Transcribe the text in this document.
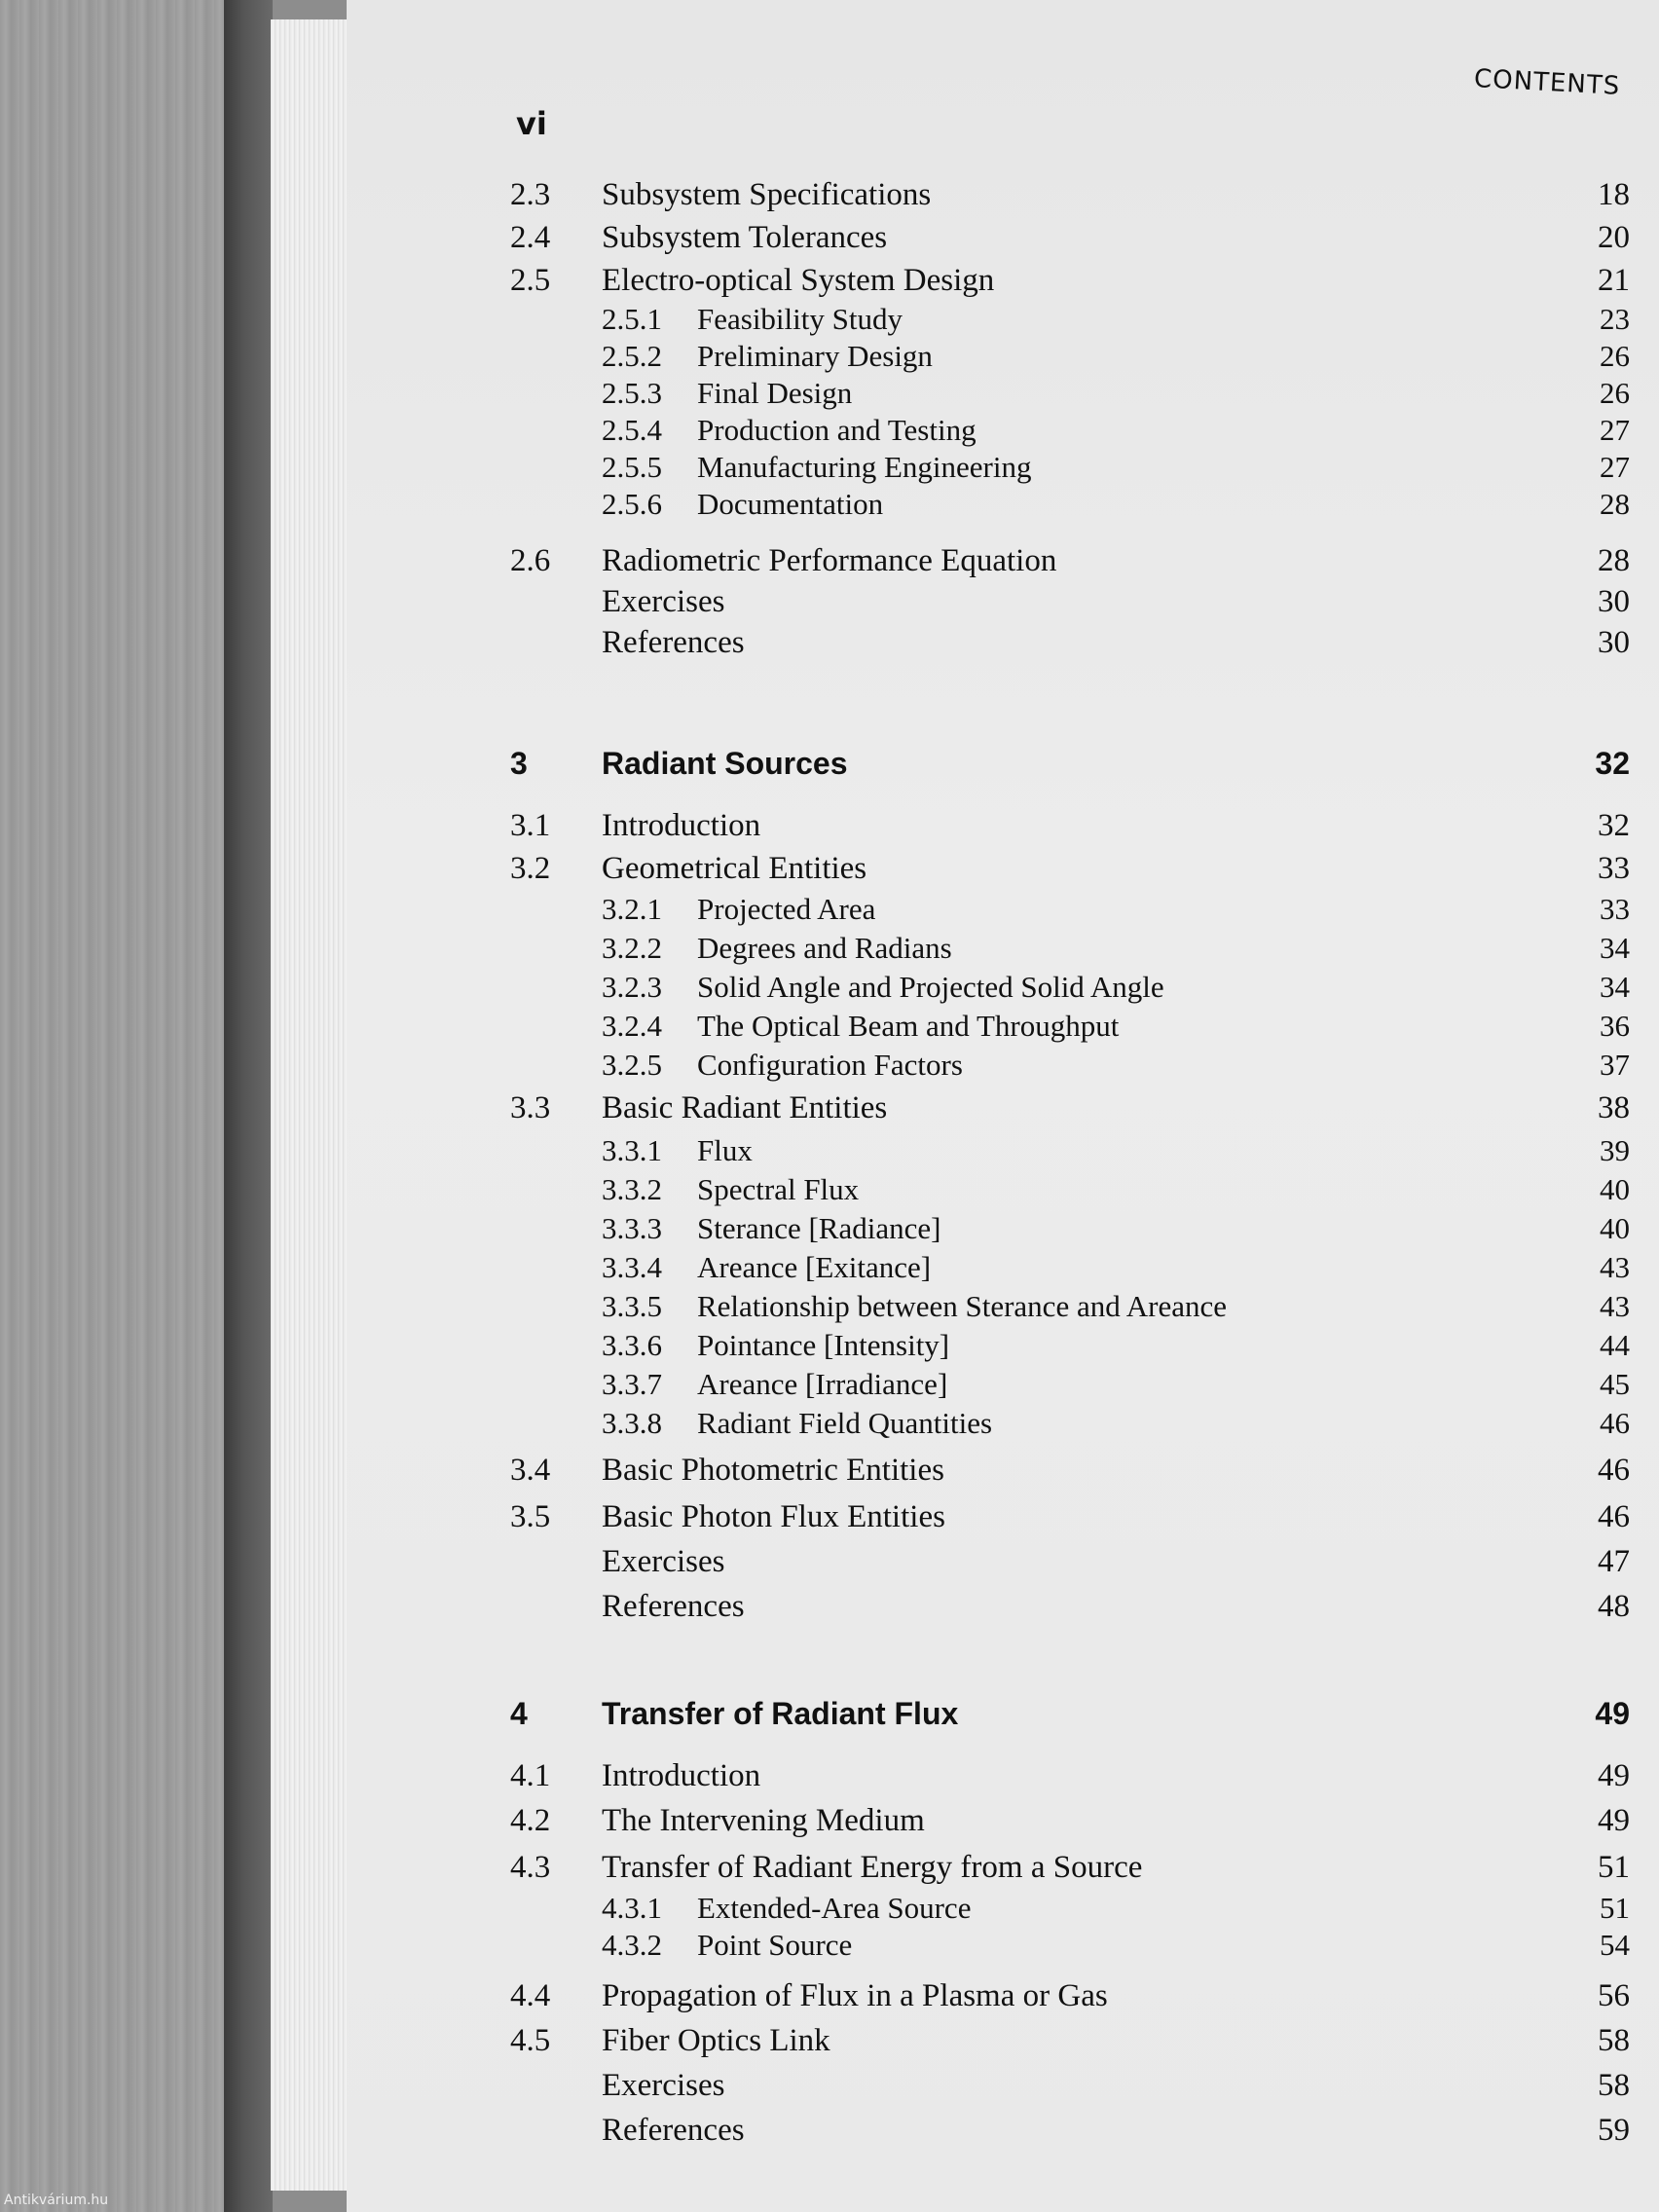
Antikvárium.hu
vi
CONTENTS
2.3 Subsystem Specifications	18
2.4 Subsystem Tolerances	20
2.5 Electro-optical System Design	21
2.5.1 Feasibility Study	23
2.5.2 Preliminary Design	26
2.5.3 Final Design	26
2.5.4 Production and Testing	27
2.5.5 Manufacturing Engineering	27
2.5.6 Documentation	28
2.6 Radiometric Performance Equation	28
Exercises	30
References	30
3 Radiant Sources	32
3.1 Introduction	32
3.2 Geometrical Entities	33
3.2.1 Projected Area	33
3.2.2 Degrees and Radians	34
3.2.3 Solid Angle and Projected Solid Angle	34
3.2.4 The Optical Beam and Throughput	36
3.2.5 Configuration Factors	37
3.3 Basic Radiant Entities	38
3.3.1 Flux	39
3.3.2 Spectral Flux	40
3.3.3 Sterance [Radiance]	40
3.3.4 Areance [Exitance]	43
3.3.5 Relationship between Sterance and Areance	43
3.3.6 Pointance [Intensity]	44
3.3.7 Areance [Irradiance]	45
3.3.8 Radiant Field Quantities	46
3.4 Basic Photometric Entities	46
3.5 Basic Photon Flux Entities	46
Exercises	47
References	48
4 Transfer of Radiant Flux	49
4.1 Introduction	49
4.2 The Intervening Medium	49
4.3 Transfer of Radiant Energy from a Source	51
4.3.1 Extended-Area Source	51
4.3.2 Point Source	54
4.4 Propagation of Flux in a Plasma or Gas	56
4.5 Fiber Optics Link	58
Exercises	58
References	59
